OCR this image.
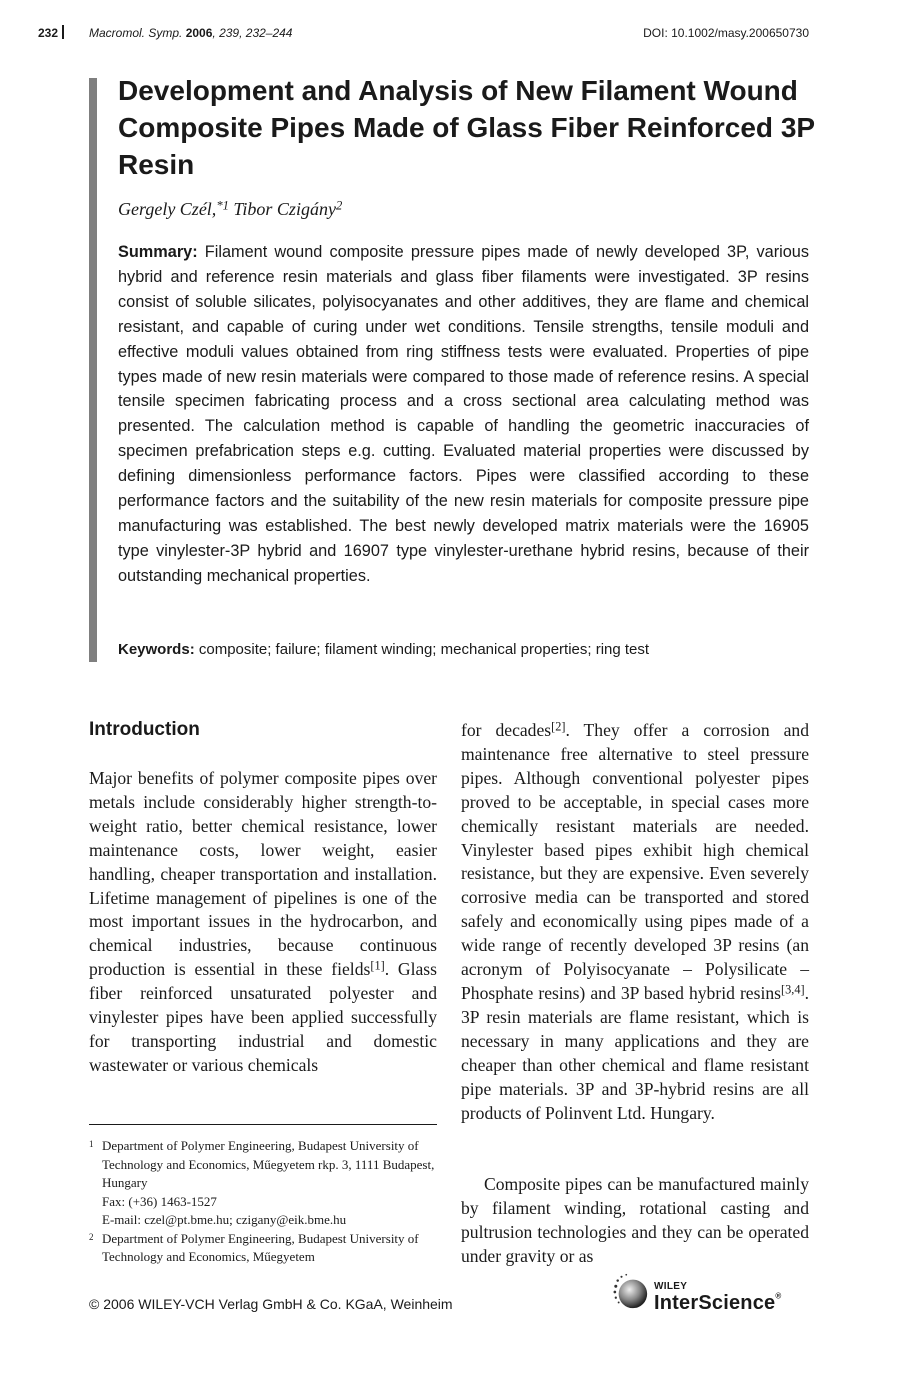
232	Macromol. Symp. 2006, 239, 232–244	DOI: 10.1002/masy.200650730
Development and Analysis of New Filament Wound Composite Pipes Made of Glass Fiber Reinforced 3P Resin
Gergely Czél,$^{*1}$ Tibor Czigány$^2$

Summary: Filament wound composite pressure pipes made of newly developed 3P, various hybrid and reference resin materials and glass fiber filaments were investigated. 3P resins consist of soluble silicates, polyisocyanates and other additives, they are flame and chemical resistant, and capable of curing under wet conditions. Tensile strengths, tensile moduli and effective moduli values obtained from ring stiffness tests were evaluated. Properties of pipe types made of new resin materials were compared to those made of reference resins. A special tensile specimen fabricating process and a cross sectional area calculating method was presented. The calculation method is capable of handling the geometric inaccuracies of specimen prefabrication steps e.g. cutting. Evaluated material properties were discussed by defining dimensionless performance factors. Pipes were classified according to these performance factors and the suitability of the new resin materials for composite pressure pipe manufacturing was established. The best newly developed matrix materials were the 16905 type vinylester-3P hybrid and 16907 type vinylester-urethane hybrid resins, because of their outstanding mechanical properties.

Keywords: composite; failure; filament winding; mechanical properties; ring test
Introduction

Major benefits of polymer composite pipes over metals include considerably higher strength-to-weight ratio, better chemical resistance, lower maintenance costs, lower weight, easier handling, cheaper transportation and installation. Lifetime management of pipelines is one of the most important issues in the hydrocarbon, and chemical industries, because continuous production is essential in these fields[1]. Glass fiber reinforced unsaturated polyester and vinylester pipes have been applied successfully for transporting industrial and domestic wastewater or various chemicals

for decades[2]. They offer a corrosion and maintenance free alternative to steel pressure pipes. Although conventional polyester pipes proved to be acceptable, in special cases more chemically resistant materials are needed. Vinylester based pipes exhibit high chemical resistance, but they are expensive. Even severely corrosive media can be transported and stored safely and economically using pipes made of a wide range of recently developed 3P resins (an acronym of Polyisocyanate – Polysilicate – Phosphate resins) and 3P based hybrid resins[3,4]. 3P resin materials are flame resistant, which is necessary in many applications and they are cheaper than other chemical and flame resistant pipe materials. 3P and 3P-hybrid resins are all products of Polinvent Ltd. Hungary.

Composite pipes can be manufactured mainly by filament winding, rotational casting and pultrusion technologies and they can be operated under gravity or as

1 Department of Polymer Engineering, Budapest University of Technology and Economics, Műegyetem rkp. 3, 1111 Budapest, Hungary
Fax: (+36) 1463-1527
E-mail: czel@pt.bme.hu; czigany@eik.bme.hu
2 Department of Polymer Engineering, Budapest University of Technology and Economics, Műegyetem
© 2006 WILEY-VCH Verlag GmbH & Co. KGaA, Weinheim
WILEY
InterScience®
